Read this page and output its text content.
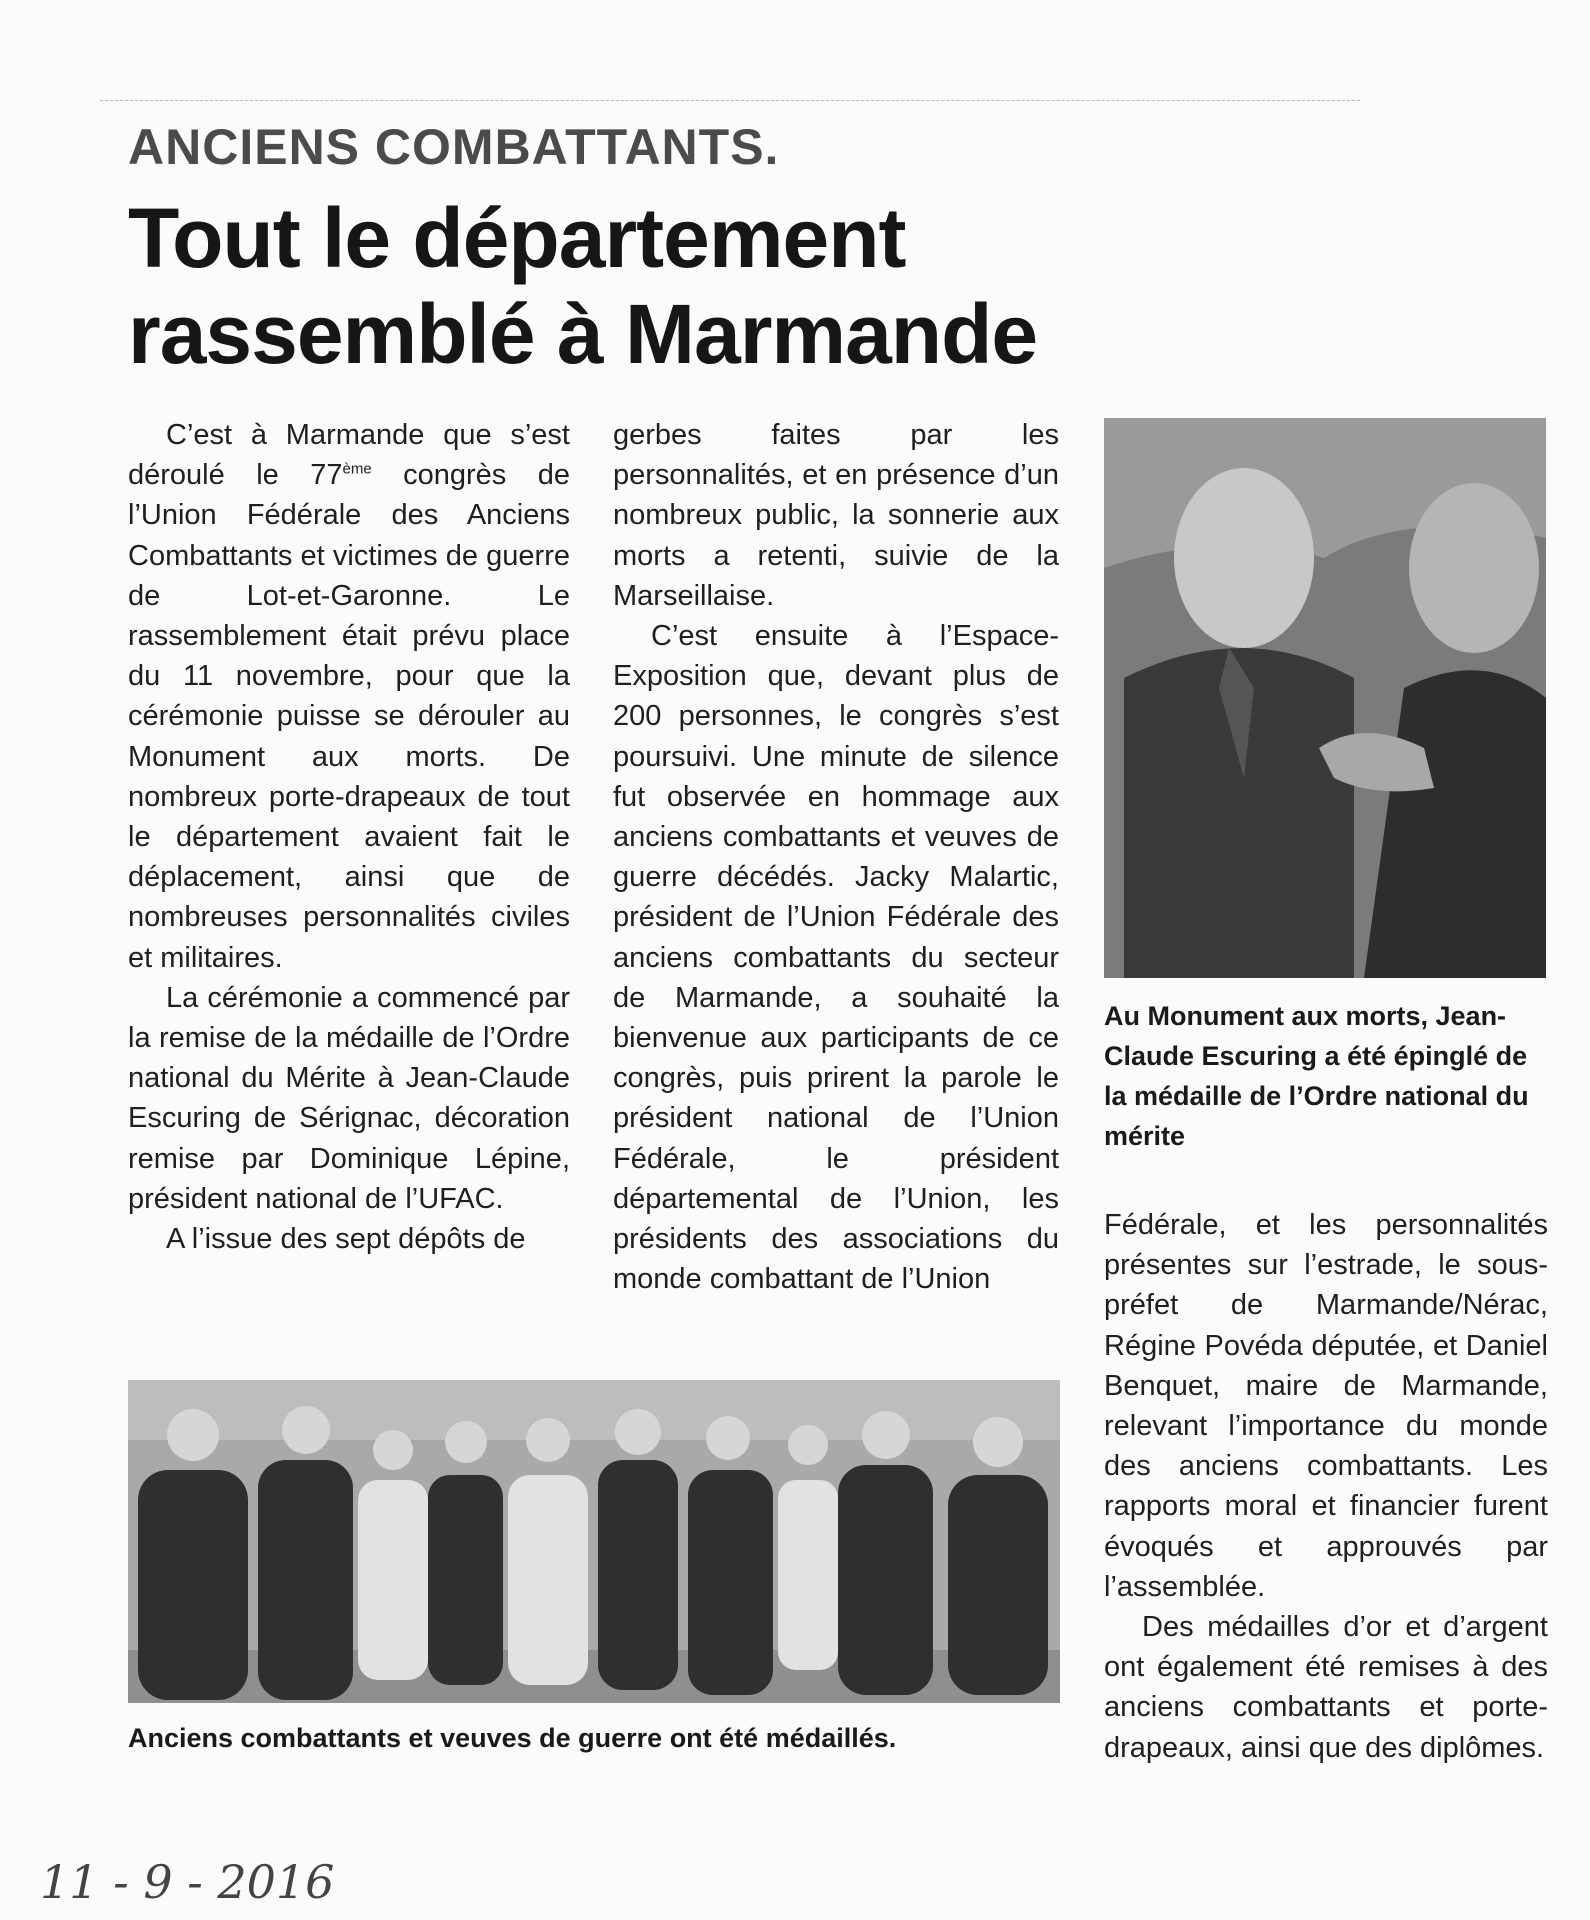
ANCIENS COMBATTANTS.
Tout le département
rassemblé à Marmande

C’est à Marmande que s’est déroulé le 77ème congrès de l’Union Fédérale des Anciens Combattants et victimes de guerre de Lot-et-Garonne. Le rassemblement était prévu place du 11 novembre, pour que la cérémonie puisse se dérouler au Monument aux morts. De nombreux porte-drapeaux de tout le département avaient fait le déplacement, ainsi que de nombreuses personnalités civiles et militaires.

La cérémonie a commencé par la remise de la médaille de l’Ordre national du Mérite à Jean-Claude Escuring de Sérignac, décoration remise par Dominique Lépine, président national de l’UFAC.

A l’issue des sept dépôts de

gerbes faites par les personnalités, et en présence d’un nombreux public, la sonnerie aux morts a retenti, suivie de la Marseillaise.

C’est ensuite à l’Espace-Exposition que, devant plus de 200 personnes, le congrès s’est poursuivi. Une minute de silence fut observée en hommage aux anciens combattants et veuves de guerre décédés. Jacky Malartic, président de l’Union Fédérale des anciens combattants du secteur de Marmande, a souhaité la bienvenue aux participants de ce congrès, puis prirent la parole le président national de l’Union Fédérale, le président départemental de l’Union, les présidents des associations du monde combattant de l’Union

Au Monument aux morts, Jean-Claude Escuring a été épinglé de la médaille de l’Ordre national du mérite

Fédérale, et les personnalités présentes sur l’estrade, le sous-préfet de Marmande/Nérac, Régine Povéda députée, et Daniel Benquet, maire de Marmande, relevant l’importance du monde des anciens combattants. Les rapports moral et financier furent évoqués et approuvés par l’assemblée.

Des médailles d’or et d’argent ont également été remises à des anciens combattants et porte-drapeaux, ainsi que des diplômes.

Anciens combattants et veuves de guerre ont été médaillés.

11 - 9 - 2016
